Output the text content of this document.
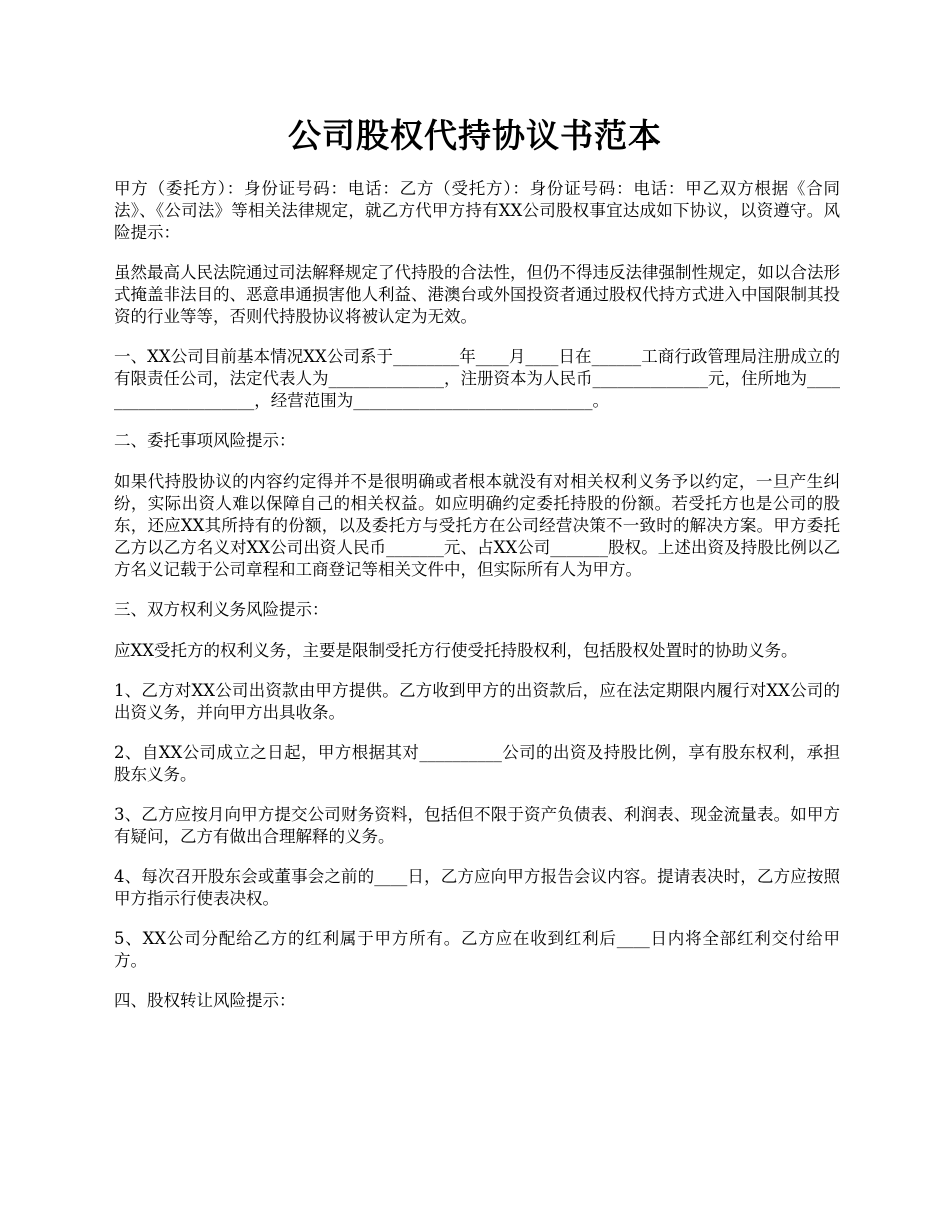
公司股权代持协议书范本

甲方（委托方）：身份证号码：电话：乙方（受托方）：身份证号码：电话：甲乙双方根据《合同法》、《公司法》等相关法律规定，就乙方代甲方持有XX公司股权事宜达成如下协议，以资遵守。风险提示：

虽然最高人民法院通过司法解释规定了代持股的合法性，但仍不得违反法律强制性规定，如以合法形式掩盖非法目的、恶意串通损害他人利益、港澳台或外国投资者通过股权代持方式进入中国限制其投资的行业等等，否则代持股协议将被认定为无效。

一、XX公司目前基本情况XX公司系于________年____月____日在______工商行政管理局注册成立的有限责任公司，法定代表人为______________，注册资本为人民币______________元，住所地为_____________________，经营范围为_____________________________。

二、委托事项风险提示：

如果代持股协议的内容约定得并不是很明确或者根本就没有对相关权利义务予以约定，一旦产生纠纷，实际出资人难以保障自己的相关权益。如应明确约定委托持股的份额。若受托方也是公司的股东，还应XX其所持有的份额，以及委托方与受托方在公司经营决策不一致时的解决方案。甲方委托乙方以乙方名义对XX公司出资人民币_______元、占XX公司_______股权。上述出资及持股比例以乙方名义记载于公司章程和工商登记等相关文件中，但实际所有人为甲方。

三、双方权利义务风险提示：

应XX受托方的权利义务，主要是限制受托方行使受托持股权利，包括股权处置时的协助义务。

1、乙方对XX公司出资款由甲方提供。乙方收到甲方的出资款后，应在法定期限内履行对XX公司的出资义务，并向甲方出具收条。

2、自XX公司成立之日起，甲方根据其对__________公司的出资及持股比例，享有股东权利，承担股东义务。

3、乙方应按月向甲方提交公司财务资料，包括但不限于资产负债表、利润表、现金流量表。如甲方有疑问，乙方有做出合理解释的义务。

4、每次召开股东会或董事会之前的____日，乙方应向甲方报告会议内容。提请表决时，乙方应按照甲方指示行使表决权。

5、XX公司分配给乙方的红利属于甲方所有。乙方应在收到红利后____日内将全部红利交付给甲方。

四、股权转让风险提示：
